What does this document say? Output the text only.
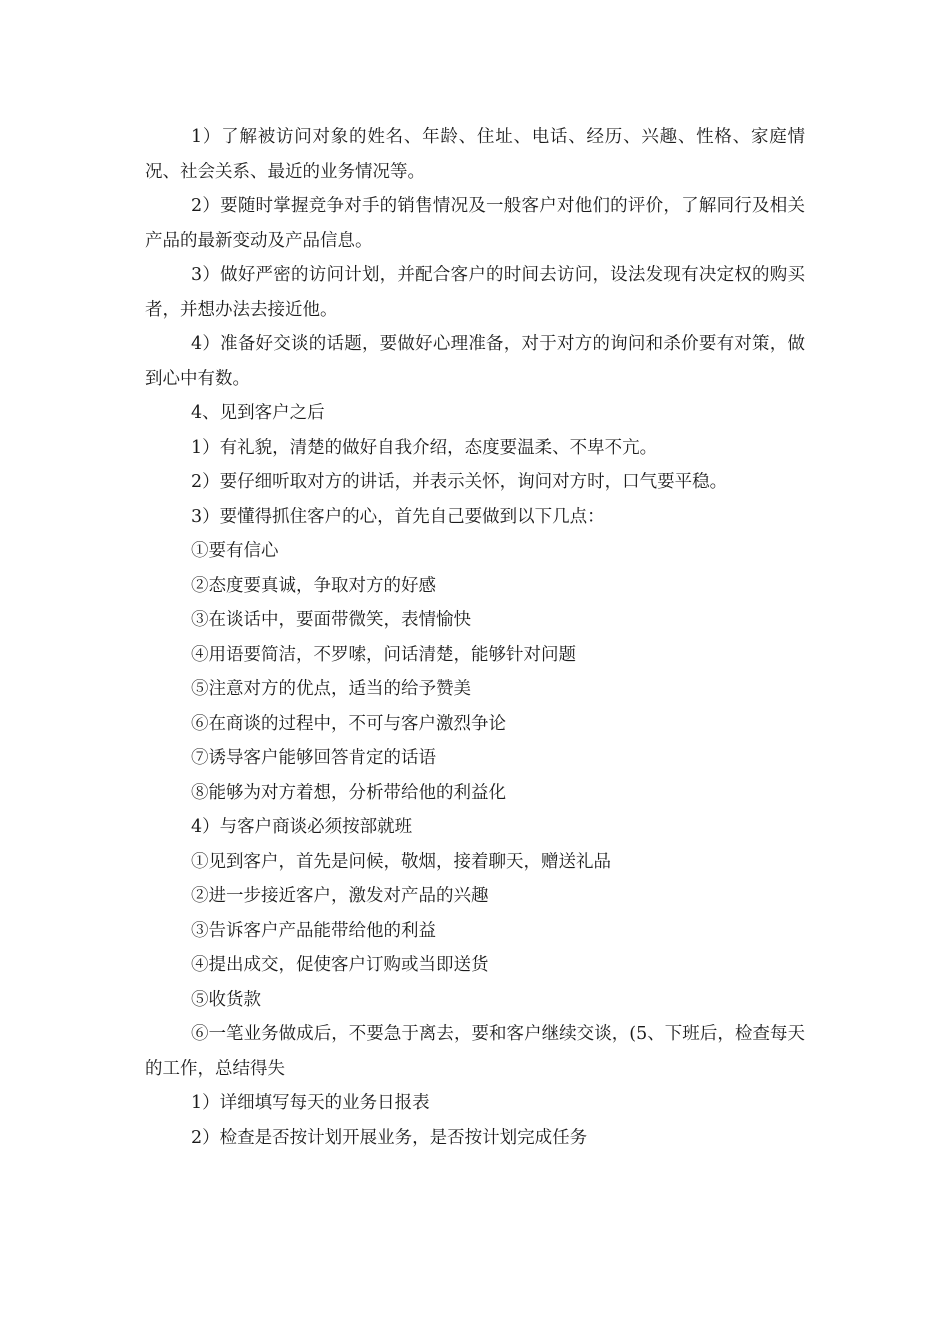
1）了解被访问对象的姓名、年龄、住址、电话、经历、兴趣、性格、家庭情况、社会关系、最近的业务情况等。

2）要随时掌握竞争对手的销售情况及一般客户对他们的评价，了解同行及相关产品的最新变动及产品信息。

3）做好严密的访问计划，并配合客户的时间去访问，设法发现有决定权的购买者，并想办法去接近他。

4）准备好交谈的话题，要做好心理准备，对于对方的询问和杀价要有对策，做到心中有数。

4、见到客户之后

1）有礼貌，清楚的做好自我介绍，态度要温柔、不卑不亢。

2）要仔细听取对方的讲话，并表示关怀，询问对方时，口气要平稳。

3）要懂得抓住客户的心，首先自己要做到以下几点：

①要有信心

②态度要真诚，争取对方的好感

③在谈话中，要面带微笑，表情愉快

④用语要简洁，不罗嗦，问话清楚，能够针对问题

⑤注意对方的优点，适当的给予赞美

⑥在商谈的过程中，不可与客户激烈争论

⑦诱导客户能够回答肯定的话语

⑧能够为对方着想，分析带给他的利益化

4）与客户商谈必须按部就班

①见到客户，首先是问候，敬烟，接着聊天，赠送礼品

②进一步接近客户，激发对产品的兴趣

③告诉客户产品能带给他的利益

④提出成交，促使客户订购或当即送货

⑤收货款

⑥一笔业务做成后，不要急于离去，要和客户继续交谈，(5、下班后，检查每天的工作，总结得失

1）详细填写每天的业务日报表

2）检查是否按计划开展业务，是否按计划完成任务
